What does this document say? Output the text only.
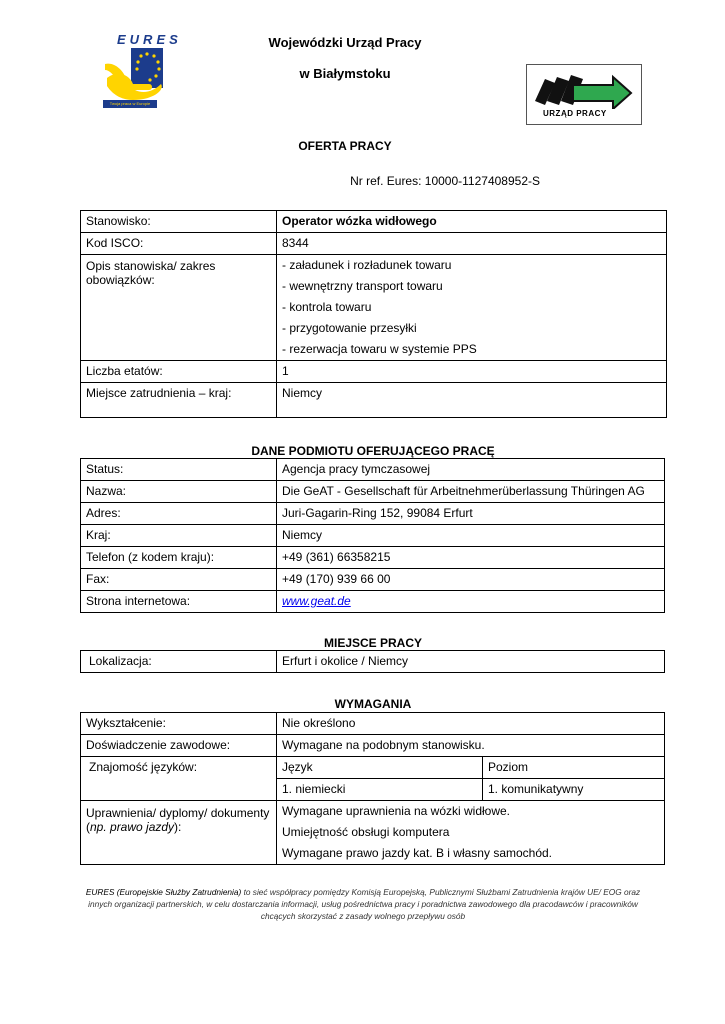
EURES
Twoja praca w Europie
Wojewódzki Urząd Pracy
w Białymstoku
URZĄD PRACY
OFERTA PRACY
Nr ref. Eures: 10000-1127408952-S
Stanowisko:	Operator wózka widłowego
Kod ISCO:	8344
Opis stanowiska/ zakres obowiązków:	- załadunek i rozładunek towaru
- wewnętrzny transport towaru
- kontrola towaru
- przygotowanie przesyłki
- rezerwacja towaru w systemie PPS

Liczba etatów:	1
Miejsce zatrudnienia – kraj:	Niemcy
DANE PODMIOTU OFERUJĄCEGO PRACĘ
Status:	Agencja pracy tymczasowej
Nazwa:	Die GeAT - Gesellschaft für Arbeitnehmerüberlassung Thüringen AG
Adres:	Juri-Gagarin-Ring 152, 99084 Erfurt
Kraj:	Niemcy
Telefon (z kodem kraju):	+49 (361) 66358215
Fax:	+49 (170) 939 66 00
Strona internetowa:	www.geat.de
MIEJSCE PRACY
Lokalizacja:	Erfurt i okolice / Niemcy
WYMAGANIA
Wykształcenie:	Nie określono	
Doświadczenie zawodowe:	Wymagane na podobnym stanowisku.	
Znajomość języków:	Język	Poziom
	1. niemiecki	1. komunikatywny
Uprawnienia/ dyplomy/ dokumenty (np. prawo jazdy):	Wymagane uprawnienia na wózki widłowe.
Umiejętność obsługi komputera
Wymagane prawo jazdy kat. B i własny samochód.	
EURES (Europejskie Służby Zatrudnienia) to sieć współpracy pomiędzy Komisją Europejską, Publicznymi Służbami Zatrudnienia krajów UE/ EOG oraz innych organizacji partnerskich, w celu dostarczania informacji, usług pośrednictwa pracy i poradnictwa zawodowego dla pracodawców i pracowników chcących skorzystać z zasady wolnego przepływu osób
